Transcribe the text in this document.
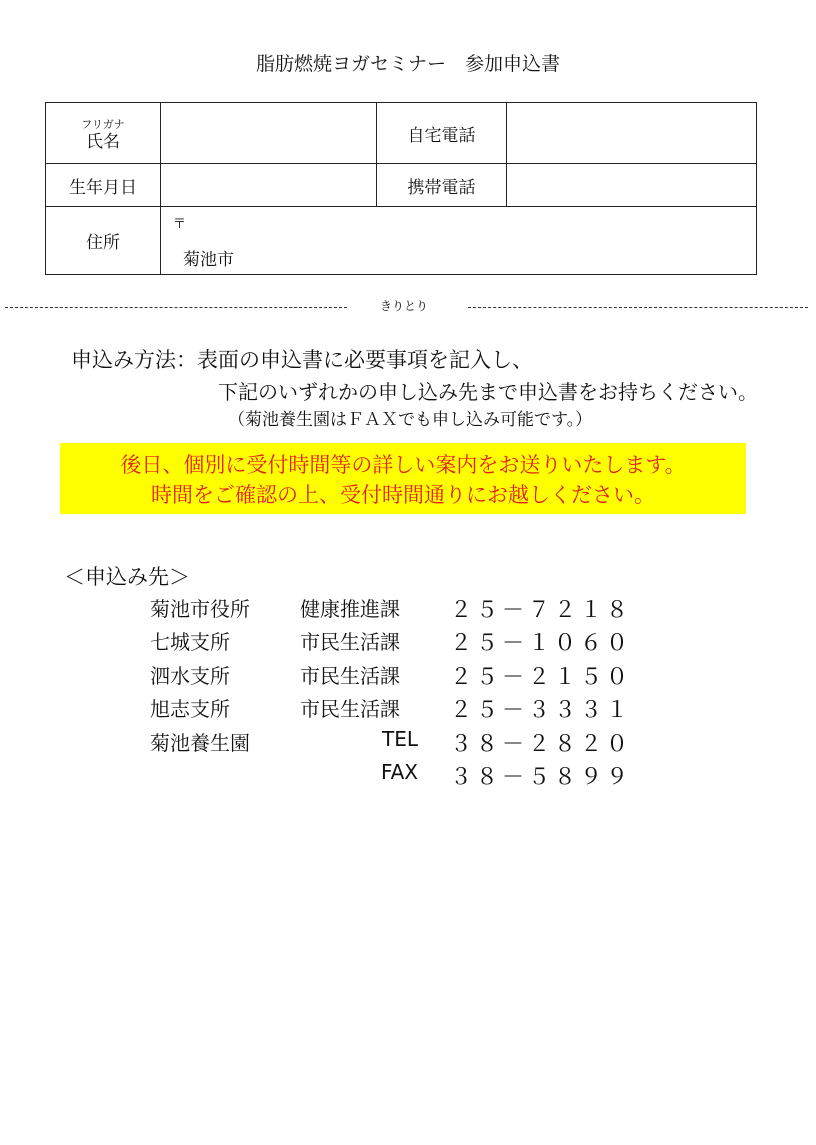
脂肪燃焼ヨガセミナー　参加申込書
フリガナ
氏名		自宅電話	
生年月日		携帯電話	
住所	〒
菊池市		
きりとり
申込み方法：表面の申込書に必要事項を記入し、
下記のいずれかの申し込み先まで申込書をお持ちください。
（菊池養生園はＦＡＸでも申し込み可能です。）
後日、個別に受付時間等の詳しい案内をお送りいたします。
時間をご確認の上、受付時間通りにお越しください。
＜申込み先＞
菊池市役所	健康推進課	２５－７２１８
七城支所	市民生活課	２５－１０６０
泗水支所	市民生活課	２５－２１５０
旭志支所	市民生活課	２５－３３３１
菊池養生園	TEL ３８－２８２０
FAX ３８－５８９９
